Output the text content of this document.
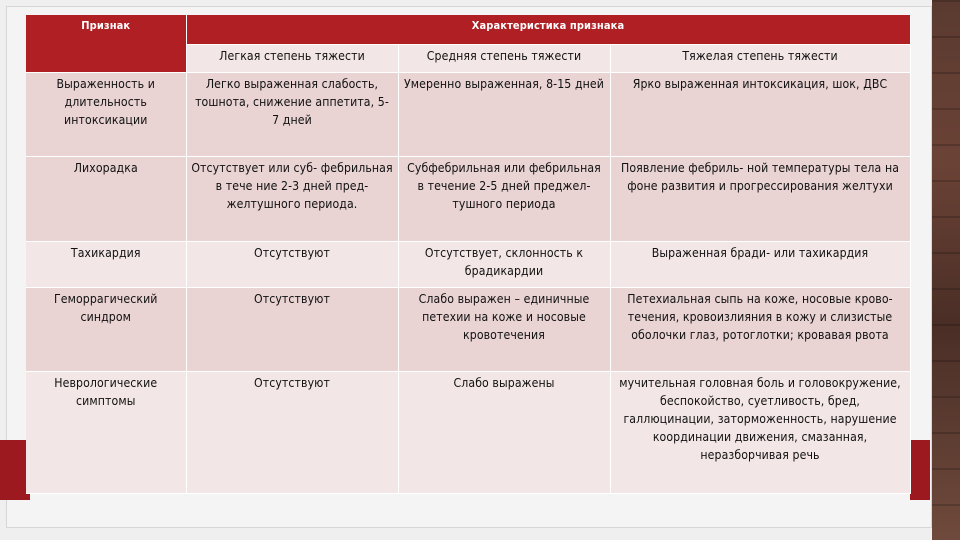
Признак	Характеристика признака		
	Легкая степень тяжести	Средняя степень тяжести	Тяжелая степень тяжести
Выраженность и длительность интоксикации	Легко выраженная слабость, тошнота, снижение аппетита, 5- 7 дней	Умеренно выраженная, 8-15 дней	Ярко выраженная интоксикация, шок, ДВС
Лихорадка	Отсутствует или суб- фебрильная в тече ние 2-3 дней пред- желтушного периода.	Субфебрильная или фебрильная в течение 2-5 дней преджел- тушного периода	Появление фебриль- ной температуры тела на фоне развития и прогрессирования желтухи
Тахикардия	Отсутствуют	Отсутствует, склонность к брадикардии	Выраженная бради- или тахикардия
Геморрагический синдром	Отсутствуют	Слабо выражен – единичные петехии на коже и носовые кровотечения	Петехиальная сыпь на коже, носовые крово- течения, кровоизлияния в кожу и слизистые оболочки глаз, ротоглотки; кровавая рвота
Неврологические симптомы	Отсутствуют	Слабо выражены	мучительная головная боль и головокружение, беспокойство, суетливость, бред, галлюцинации, заторможенность, нарушение координации движения, смазанная, неразборчивая речь
